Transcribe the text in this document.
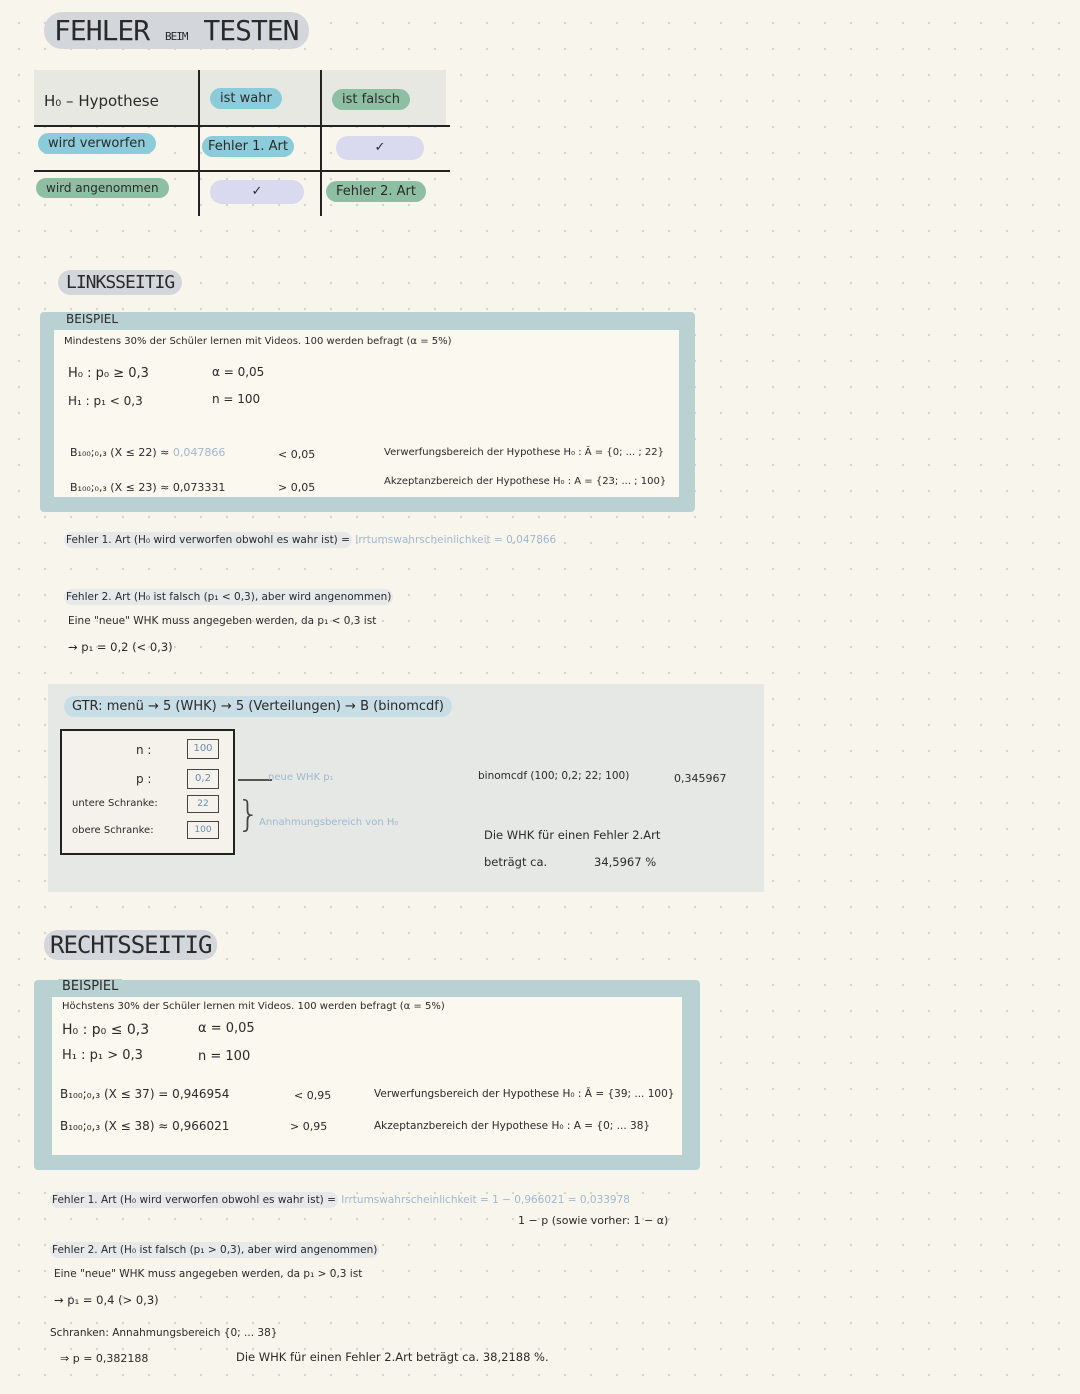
FEHLER BEIM TESTEN
H₀ – Hypothese	ist wahr	ist falsch
wird verworfen	Fehler 1. Art	✓
wird angenommen	✓	Fehler 2. Art
LINKSSEITIG
BEISPIEL
Mindestens 30% der Schüler lernen mit Videos. 100 werden befragt (α = 5%)
H₀ : p₀ ≥ 0,3	α = 0,05
H₁ : p₁ < 0,3	n = 100
B₁₀₀;₀,₃ (X ≤ 22) ≈ 0,047866	< 0,05
B₁₀₀;₀,₃ (X ≤ 23) ≈ 0,073331	> 0,05
Verwerfungsbereich der Hypothese H₀ : Ā = {0; ... ; 22}
Akzeptanzbereich der Hypothese H₀ : A = {23; ... ; 100}
Fehler 1. Art (H₀ wird verworfen obwohl es wahr ist) = Irrtumswahrscheinlichkeit = 0,047866
Fehler 2. Art (H₀ ist falsch (p₁ < 0,3), aber wird angenommen)
Eine "neue" WHK muss angegeben werden, da p₁ < 0,3 ist
→ p₁ = 0,2 (< 0,3)
GTR: menü → 5 (WHK) → 5 (Verteilungen) → B (binomcdf)
n :	100
p :	0,2
untere Schranke:	22
obere Schranke:	100
neue WHK p₁
} Annahmungsbereich von H₀
binomcdf (100; 0,2; 22; 100)	0,345967
Die WHK für einen Fehler 2.Art
beträgt ca.	34,5967 %
RECHTSSEITIG
BEISPIEL
Höchstens 30% der Schüler lernen mit Videos. 100 werden befragt (α = 5%)
H₀ : p₀ ≤ 0,3	α = 0,05
H₁ : p₁ > 0,3	n = 100
B₁₀₀;₀,₃ (X ≤ 37) = 0,946954	< 0,95
B₁₀₀;₀,₃ (X ≤ 38) ≈ 0,966021	> 0,95
Verwerfungsbereich der Hypothese H₀ : Ā = {39; ... 100}
Akzeptanzbereich der Hypothese H₀ : A = {0; ... 38}
Fehler 1. Art (H₀ wird verworfen obwohl es wahr ist) = Irrtumswahrscheinlichkeit = 1 − 0,966021 = 0,033978
1 − p (sowie vorher: 1 − α)
Fehler 2. Art (H₀ ist falsch (p₁ > 0,3), aber wird angenommen)
Eine "neue" WHK muss angegeben werden, da p₁ > 0,3 ist
→ p₁ = 0,4 (> 0,3)
Schranken: Annahmungsbereich {0; ... 38}
⇒ p = 0,382188	Die WHK für einen Fehler 2.Art beträgt ca. 38,2188 %.
